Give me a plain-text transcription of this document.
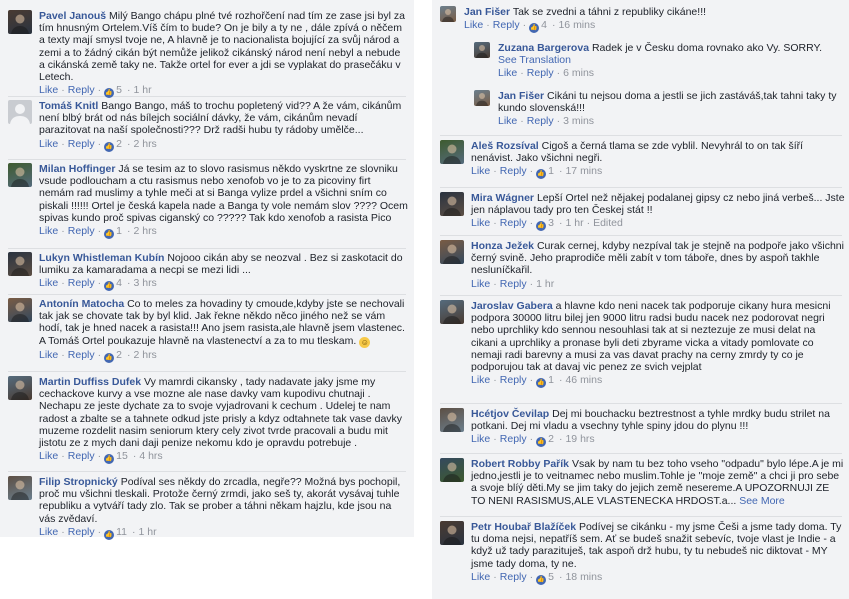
Pavel Janouš Milý Bango chápu plné tvé rozhořčení nad tím ze zase jsi byl za tím hnusným Ortelem.Víš čím to bude? On je bily a ty ne , dále zpívá o něčem a texty mají smysl tvoje ne, A hlavně je to nacionalista bojující za svůj národ a zemi a to žádný cikán být nemůže jelikož cikánský národ není nebyl a nebude a cikánská země taky ne. Takže ortel for ever a jdi se vyplakat do prasečáku v Letech.
Like · Reply · 👍 5 · 1 hr
Tomáš Knitl Bango Bango, máš to trochu popletený vid?? A že vám, cikánům není blbý brát od nás bílejch sociální dávky, že vám, cikánům nevadí parazitovat na naší společnosti??? Drž radši hubu ty rádoby umělče...
Like · Reply · 👍 2 · 2 hrs
Milan Hoffinger Já se tesim az to slovo rasismus někdo vyskrtne ze slovniku vsude podloucham a ctu rasismus nebo xenofob vo je to za picoviny firt nemám rad muslimy a tyhle meči at si Banga vylize prdel a všichni sním co piskali !!!!!! Ortel je česká kapela nade a Banga ty vole nemám slov ???? Ocem spivas kundo proč spivas ciganský co ????? Tak kdo xenofob a rasista Pico
Like · Reply · 👍 1 · 2 hrs
Lukyn Whistleman Kubín Nojooo cikán aby se neozval . Bez si zaskotacit do lumiku za kamaradama a necpi se mezi lidi ...
Like · Reply · 👍 4 · 3 hrs
Antonín Matocha Co to meles za hovadiny ty cmoude,kdyby jste se nechovali tak jak se chovate tak by byl klid. Jak řekne někdo něco jiného než se vám hodí, tak je hned nacek a rasista!!! Ano jsem rasista,ale hlavně jsem vlastenec. A Tomáš Ortel poukazuje hlavně na vlastenectví a za to mu tleskam. ☺
Like · Reply · 👍 2 · 2 hrs
Martin Duffiss Dufek Vy mamrdi cikansky , tady nadavate jaky jsme my cechackove kurvy a vse mozne ale nase davky vam kupodivu chutnaji . Nechapu ze jeste dychate za to svoje vyjadrovani k cechum . Udelej te nam radost a zbalte se a tahnete odkud jste prisly a kdyz odtahnete tak vase davky muzeme rozdelit nasim seniorum ktery cely zivot tvrde pracovali a budu mit jistotu ze z mych dani daji penize nekomu kdo je opravdu potrebuje .
Like · Reply · 👍 15 · 4 hrs
Filip Stropnický Podíval ses někdy do zrcadla, negře?? Možná bys pochopil, proč mu všichni tleskali. Protože černý zrmdi, jako seš ty, akorát vysávaj tuhle republiku a vytváří tady zlo. Tak se prober a táhni někam hajzlu, kde jsou na vás zvědaví.
Like · Reply · 👍 11 · 1 hr
Jan Fišer Tak se zvedni a táhni z republiky cikáne!!!
Like · Reply · 👍 4 · 16 mins
Zuzana Bargerova Radek je v Česku doma rovnako ako Vy. SORRY.
See Translation
Like · Reply · 6 mins
Jan Fišer Cikáni tu nejsou doma a jestli se jich zastáváš,tak tahni taky ty kundo slovenská!!!
Like · Reply · 3 mins
Aleš Rozsíval Cigoš a černá tlama se zde vyblil. Nevyhrál to on tak šíří nenávist. Jako všichni negři.
Like · Reply · 👍 1 · 17 mins
Mira Wágner Lepší Ortel než nějakej podalanej gipsy cz nebo jiná verbeš... Jste jen náplavou tady pro ten Českej stát !!
Like · Reply · 👍 3 · 1 hr · Edited
Honza Ježek Curak cernej, kdyby nezpíval tak je stejně na podpoře jako všichni černý svině. Jeho praprodiče měli zabít v tom táboře, dnes by aspoň takhle nesluníčkařil.
Like · Reply · 1 hr
Jaroslav Gabera a hlavne kdo neni nacek tak podporuje cikany hura mesicni podpora 30000 litru bilej jen 9000 litru radsi budu nacek nez podorovat negri nebo uprchliky kdo sennou nesouhlasi tak at si neztezuje ze musi delat na cikani a uprchliky a pronase byli deti zbyrame vicka a vitady pomlovate co nemaji radi barevny a musi za vas davat prachy na cerny zmrdy ty co je podporujou tak at davaj vic penez ze svich vejplat
Like · Reply · 👍 1 · 46 mins
Hcétjov Čevilap Dej mi bouchacku beztrestnost a tyhle mrdky budu strilet na potkani. Dej mi vladu a vsechny tyhle spiny jdou do plynu !!!
Like · Reply · 👍 2 · 19 hrs
Robert Robby Pařík Vsak by nam tu bez toho vseho "odpadu" bylo lépe.A je mi jedno,jestli je to veitnamec nebo muslim.Tohle je "moje země" a chci ji pro sebe a svoje blíý děti.My se jim taky do jejich země neseremе.A UPOZORNUJI ZE TO NENI RASISMUS,ALE VLASTENECKA HRDOST.a... See More
Petr Houbař Blažíček Podívej se cikánku - my jsme Češi a jsme tady doma. Ty tu doma nejsi, nepatříš sem. Ať se budeš snažit sebevíc, tvoje vlast je Indie - a když už tady parazituješ, tak aspoň drž hubu, ty tu nebudeš nic diktovat - MY jsme tady doma, ty ne.
Like · Reply · 👍 5 · 18 mins
